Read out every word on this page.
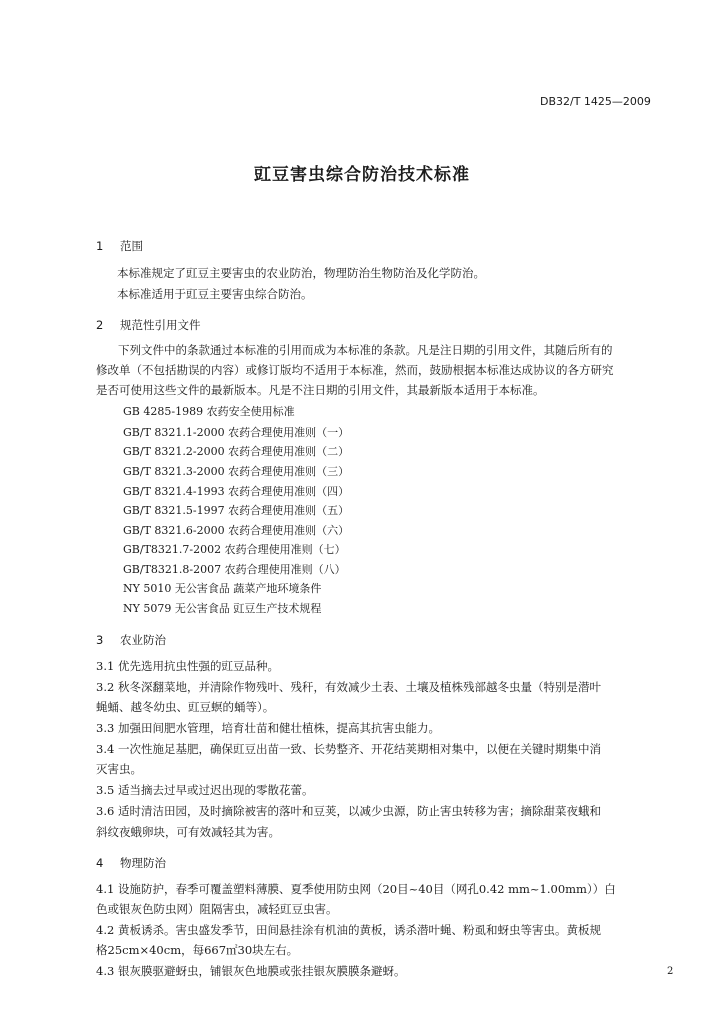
DB32/T 1425—2009
豇豆害虫综合防治技术标准
1 范围
本标准规定了豇豆主要害虫的农业防治，物理防治生物防治及化学防治。
本标准适用于豇豆主要害虫综合防治。
2 规范性引用文件
下列文件中的条款通过本标准的引用而成为本标准的条款。凡是注日期的引用文件，其随后所有的
修改单（不包括勘误的内容）或修订版均不适用于本标准，然而，鼓励根据本标准达成协议的各方研究
是否可使用这些文件的最新版本。凡是不注日期的引用文件，其最新版本适用于本标准。
GB 4285-1989 农药安全使用标准
GB/T 8321.1-2000 农药合理使用准则（一）
GB/T 8321.2-2000 农药合理使用准则（二）
GB/T 8321.3-2000 农药合理使用准则（三）
GB/T 8321.4-1993 农药合理使用准则（四）
GB/T 8321.5-1997 农药合理使用准则（五）
GB/T 8321.6-2000 农药合理使用准则（六）
GB/T8321.7-2002 农药合理使用准则（七）
GB/T8321.8-2007 农药合理使用准则（八）
NY 5010 无公害食品 蔬菜产地环境条件
NY 5079 无公害食品 豇豆生产技术规程
3 农业防治
3.1 优先选用抗虫性强的豇豆品种。
3.2 秋冬深翻菜地，并清除作物残叶、残秆，有效减少土表、土壤及植株残部越冬虫量（特别是潜叶
蝇蛹、越冬幼虫、豇豆螟的蛹等）。
3.3 加强田间肥水管理，培育壮苗和健壮植株，提高其抗害虫能力。
3.4 一次性施足基肥，确保豇豆出苗一致、长势整齐、开花结荚期相对集中，以便在关键时期集中消
灭害虫。
3.5 适当摘去过早或过迟出现的零散花蕾。
3.6 适时清洁田园，及时摘除被害的落叶和豆荚，以减少虫源，防止害虫转移为害；摘除甜菜夜蛾和
斜纹夜蛾卵块，可有效减轻其为害。
4 物理防治
4.1 设施防护，春季可覆盖塑料薄膜、夏季使用防虫网（20目~40目（网孔0.42 mm~1.00mm））白
色或银灰色防虫网）阻隔害虫，减轻豇豆虫害。
4.2 黄板诱杀。害虫盛发季节，田间悬挂涂有机油的黄板，诱杀潜叶蝇、粉虱和蚜虫等害虫。黄板规
格25cm×40cm，每667㎡30块左右。
4.3 银灰膜驱避蚜虫，铺银灰色地膜或张挂银灰膜膜条避蚜。	2
